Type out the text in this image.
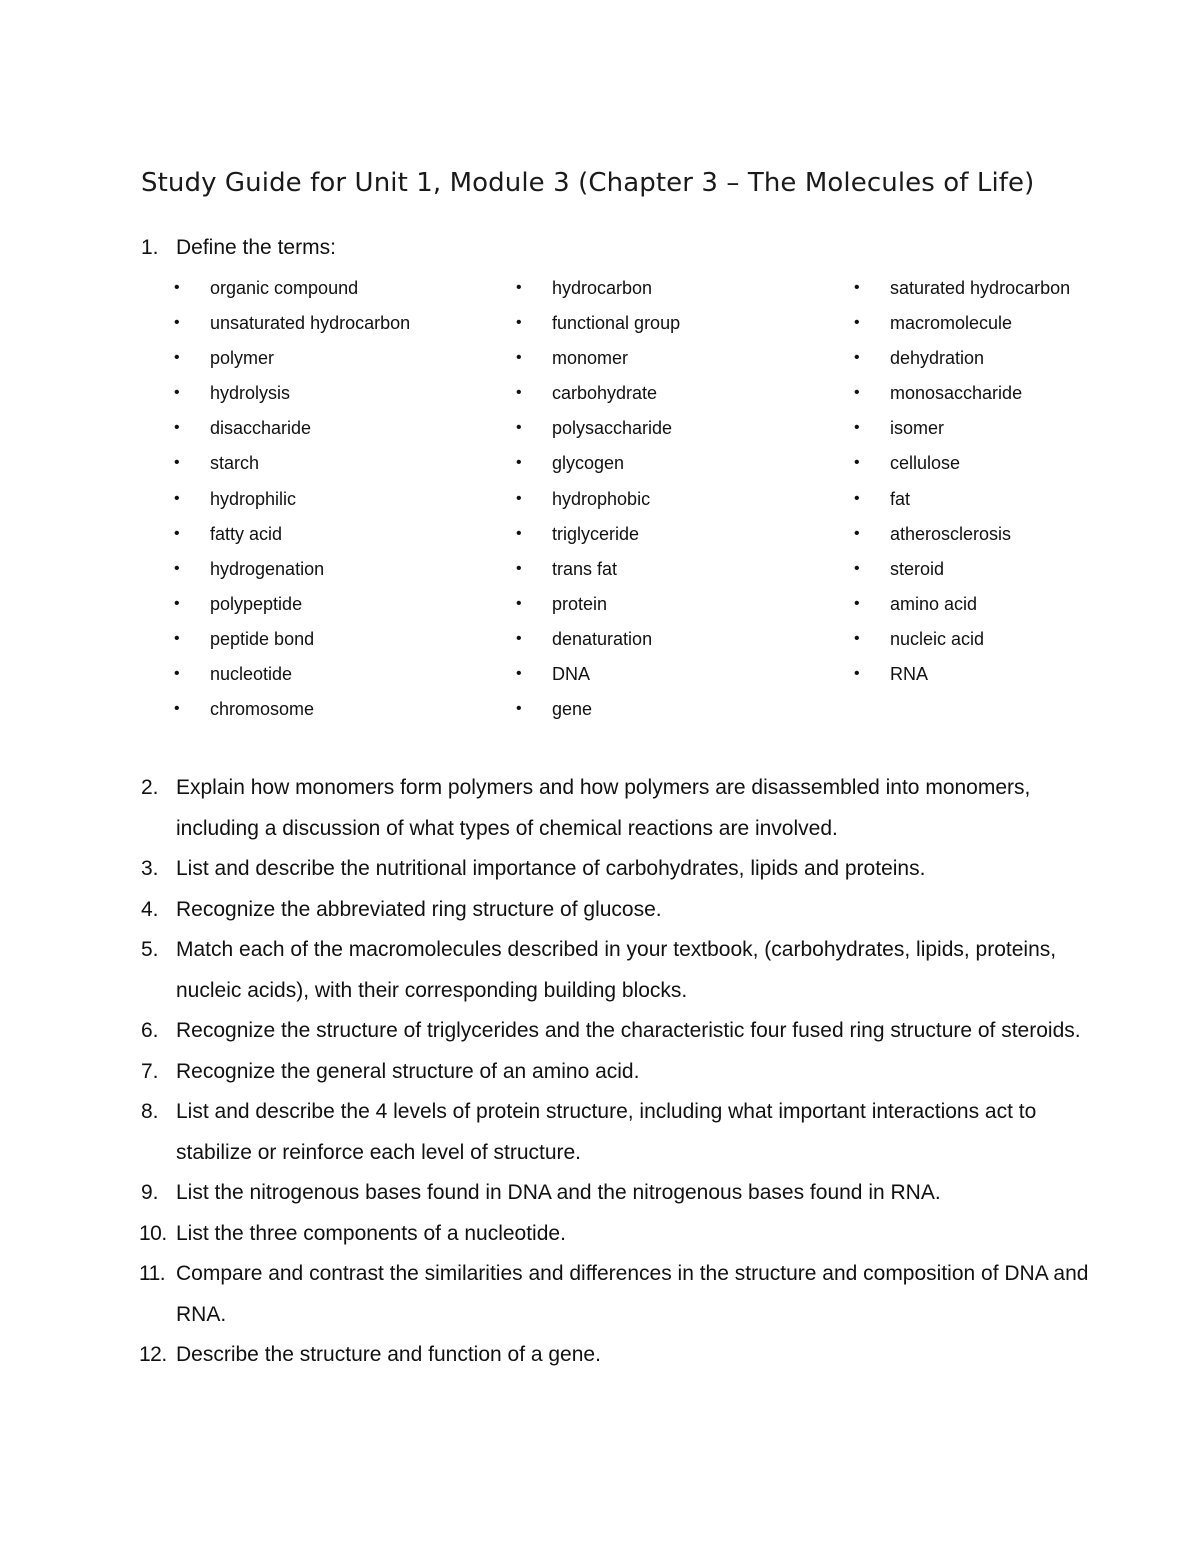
Study Guide for Unit 1, Module 3 (Chapter 3 – The Molecules of Life)
1. Define the terms:
• organic compound
• unsaturated hydrocarbon
• polymer
• hydrolysis
• disaccharide
• starch
• hydrophilic
• fatty acid
• hydrogenation
• polypeptide
• peptide bond
• nucleotide
• chromosome
• hydrocarbon
• functional group
• monomer
• carbohydrate
• polysaccharide
• glycogen
• hydrophobic
• triglyceride
• trans fat
• protein
• denaturation
• DNA
• gene
• saturated hydrocarbon
• macromolecule
• dehydration
• monosaccharide
• isomer
• cellulose
• fat
• atherosclerosis
• steroid
• amino acid
• nucleic acid
• RNA
2. Explain how monomers form polymers and how polymers are disassembled into monomers, including a discussion of what types of chemical reactions are involved.
3. List and describe the nutritional importance of carbohydrates, lipids and proteins.
4. Recognize the abbreviated ring structure of glucose.
5. Match each of the macromolecules described in your textbook, (carbohydrates, lipids, proteins, nucleic acids), with their corresponding building blocks.
6. Recognize the structure of triglycerides and the characteristic four fused ring structure of steroids.
7. Recognize the general structure of an amino acid.
8. List and describe the 4 levels of protein structure, including what important interactions act to stabilize or reinforce each level of structure.
9. List the nitrogenous bases found in DNA and the nitrogenous bases found in RNA.
10. List the three components of a nucleotide.
11. Compare and contrast the similarities and differences in the structure and composition of DNA and RNA.
12. Describe the structure and function of a gene.
